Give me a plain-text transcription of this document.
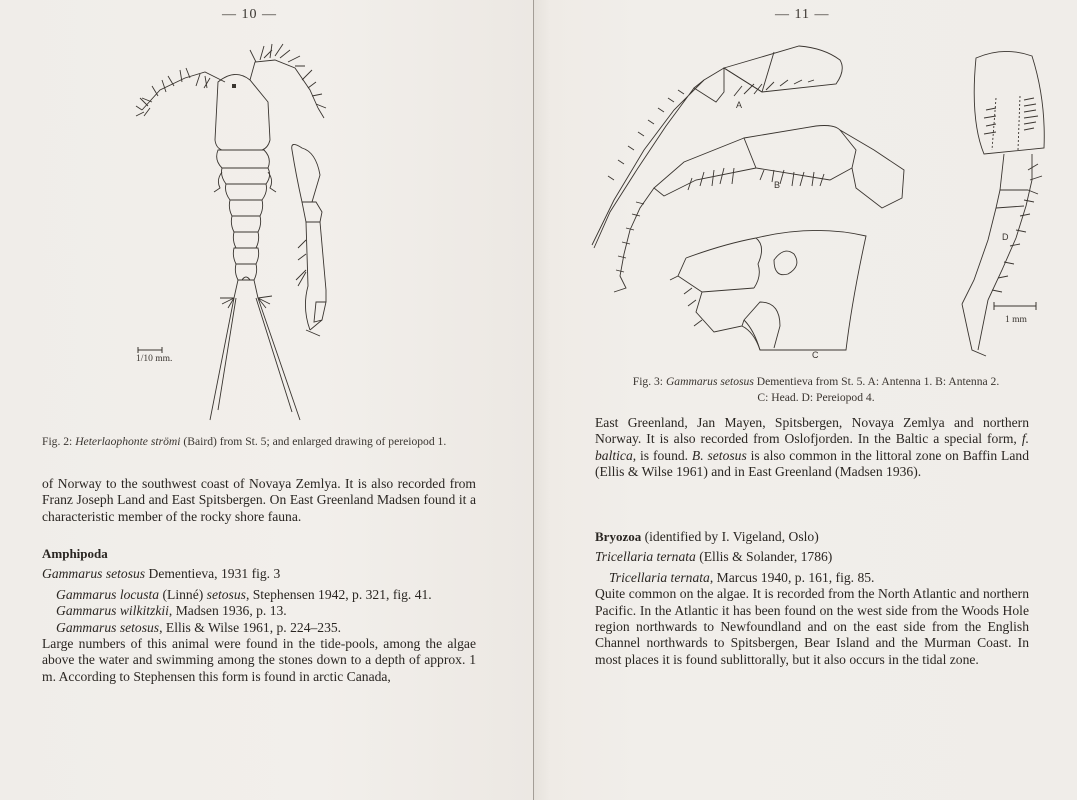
— 10 —
1/10 mm.
Fig. 2: Heterlaophonte strömi (Baird) from St. 5; and enlarged drawing of pereiopod 1.

of Norway to the southwest coast of Novaya Zemlya. It is also recorded from Franz Joseph Land and East Spitsbergen. On East Greenland Madsen found it a characteristic member of the rocky shore fauna.

Amphipoda

Gammarus setosus Dementieva, 1931 fig. 3

Gammarus locusta (Linné) setosus, Stephensen 1942, p. 321, fig. 41.

Gammarus wilkitzkii, Madsen 1936, p. 13.

Gammarus setosus, Ellis & Wilse 1961, p. 224–235.

Large numbers of this animal were found in the tide-pools, among the algae above the water and swimming among the stones down to a depth of approx. 1 m. According to Stephensen this form is found in arctic Canada,

— 11 —
A
B
C
D
1 mm
Fig. 3: Gammarus setosus Dementieva from St. 5. A: Antenna 1. B: Antenna 2.
C: Head. D: Pereiopod 4.

East Greenland, Jan Mayen, Spitsbergen, Novaya Zemlya and northern Norway. It is also recorded from Oslofjorden. In the Baltic a special form, f. baltica, is found. B. setosus is also common in the littoral zone on Baffin Land (Ellis & Wilse 1961) and in East Greenland (Madsen 1936).

Bryozoa (identified by I. Vigeland, Oslo)

Tricellaria ternata (Ellis & Solander, 1786)

Tricellaria ternata, Marcus 1940, p. 161, fig. 85.

Quite common on the algae. It is recorded from the North Atlantic and northern Pacific. In the Atlantic it has been found on the west side from the Woods Hole region northwards to Newfoundland and on the east side from the English Channel northwards to Spitsbergen, Bear Island and the Murman Coast. In most places it is found sublittorally, but it also occurs in the tidal zone.
